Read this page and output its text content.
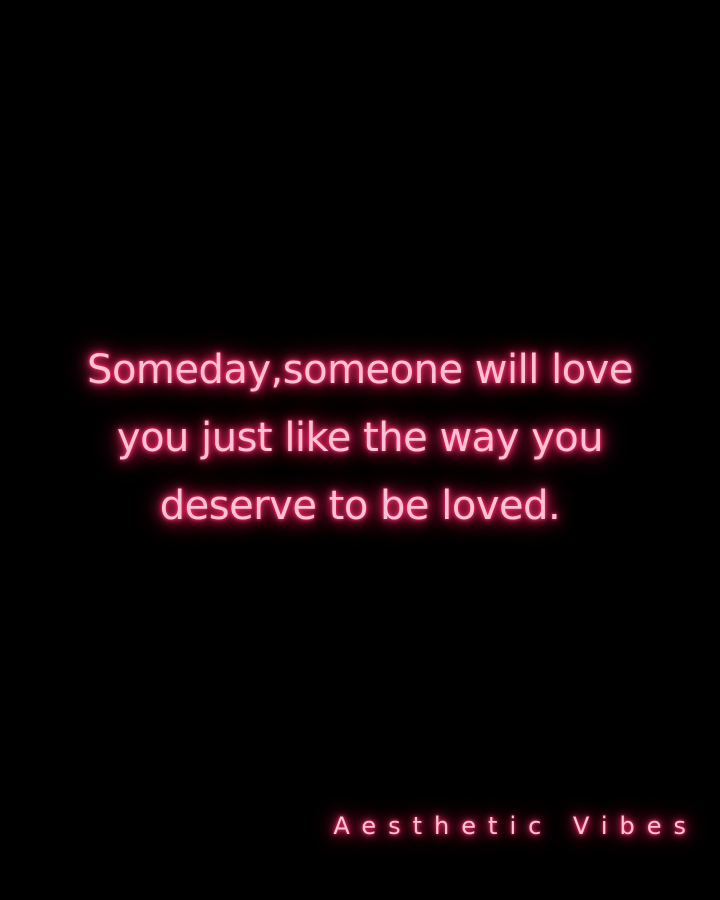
Someday,someone will love
you just like the way you
deserve to be loved.
Aesthetic Vibes
